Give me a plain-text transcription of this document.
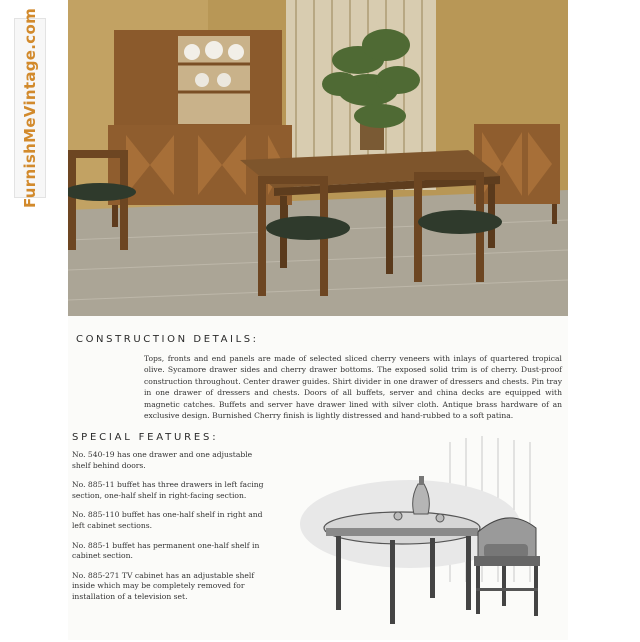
FurnishMeVintage.com
CONSTRUCTION DETAILS:
Tops, fronts and end panels are made of selected sliced cherry veneers with inlays of quartered tropical olive. Sycamore drawer sides and cherry drawer bottoms. The exposed solid trim is of cherry. Dust-proof construction throughout. Center drawer guides. Shirt divider in one drawer of dressers and chests. Pin tray in one drawer of dressers and chests. Doors of all buffets, server and china decks are equipped with magnetic catches. Buffets and server have drawer lined with silver cloth. Antique brass hardware of an exclusive design. Burnished Cherry finish is lightly distressed and hand-rubbed to a soft patina.
SPECIAL FEATURES:

No. 540-19 has one drawer and one adjustable shelf behind doors.

No. 885-11 buffet has three drawers in left facing section, one-half shelf in right-facing section.

No. 885-110 buffet has one-half shelf in right and left cabinet sections.

No. 885-1 buffet has permanent one-half shelf in cabinet section.

No. 885-271 TV cabinet has an adjustable shelf inside which may be completely removed for installation of a television set.
